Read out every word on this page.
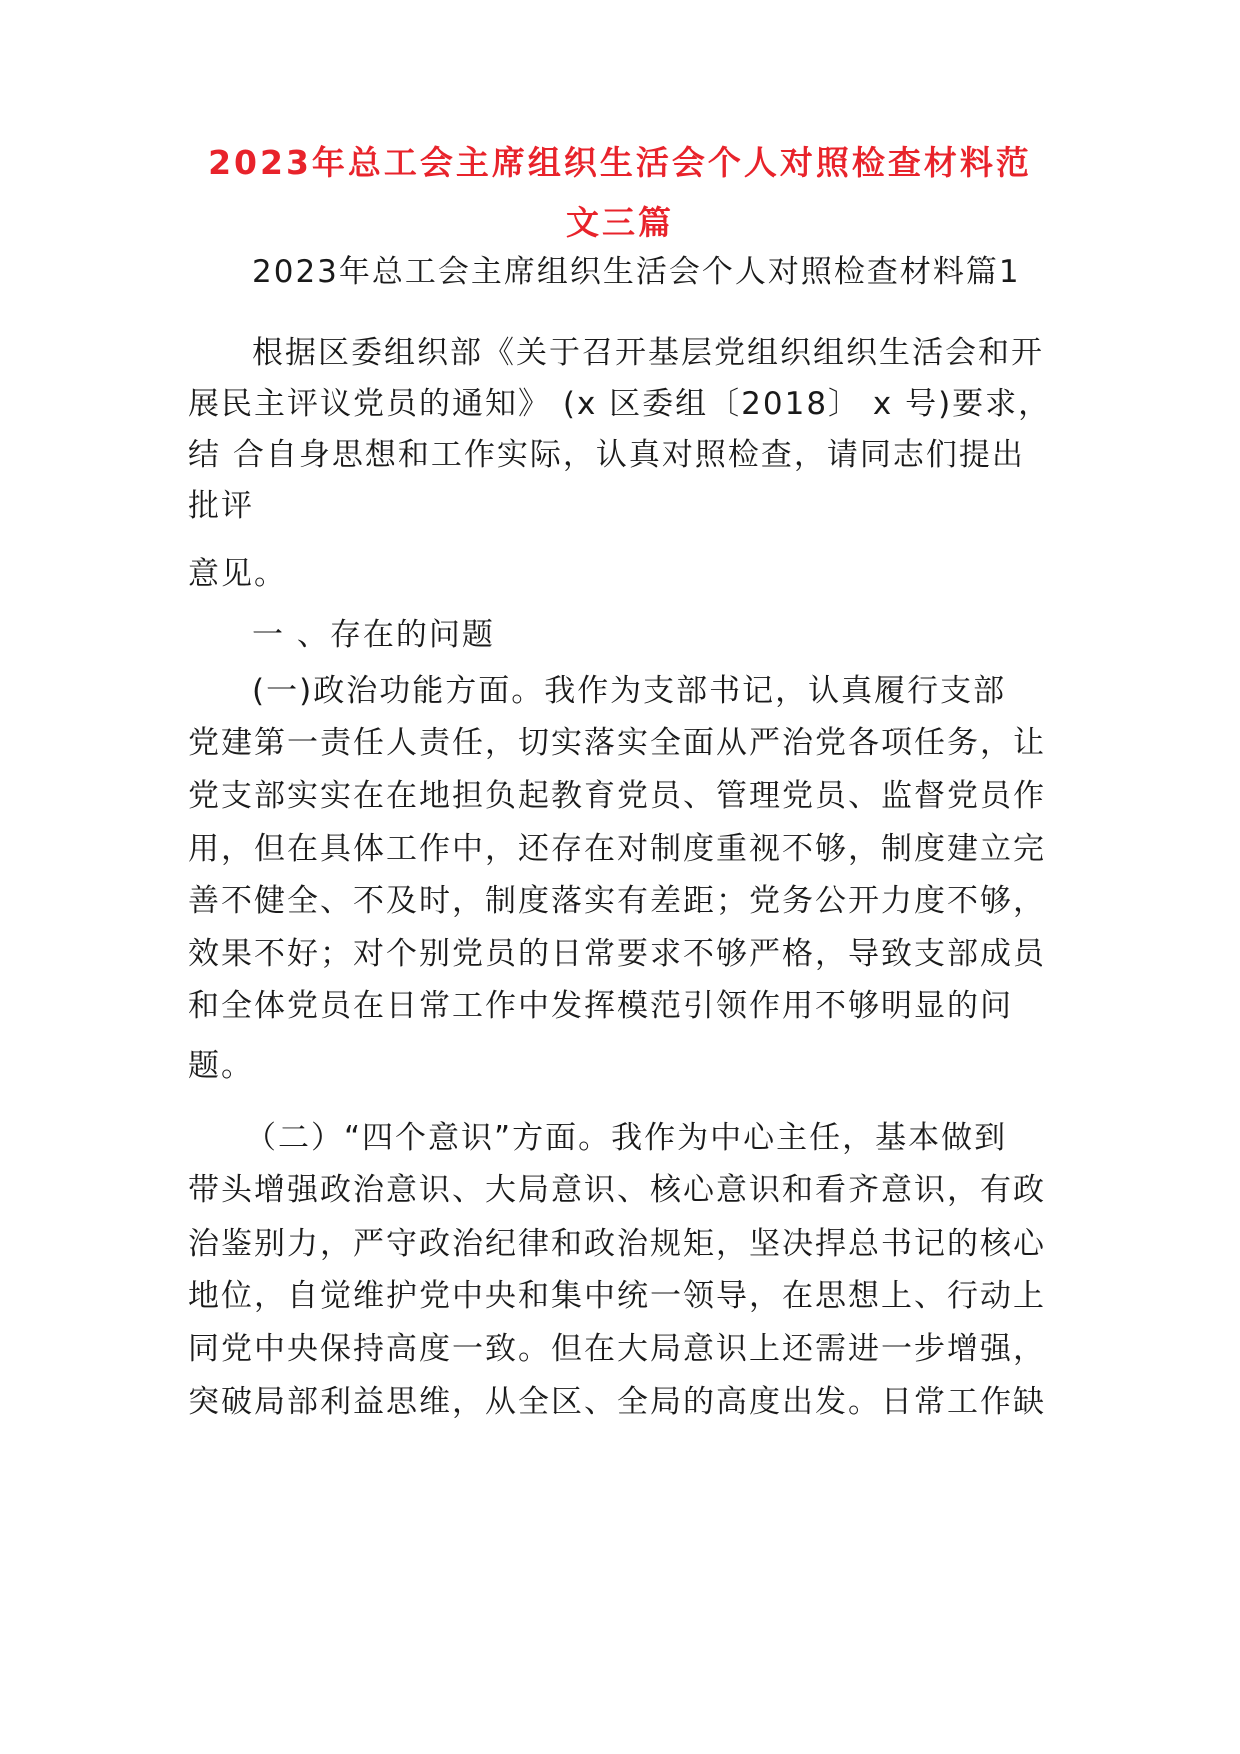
2023年总工会主席组织生活会个人对照检查材料范
文三篇
2023年总工会主席组织生活会个人对照检查材料篇1
根据区委组织部《关于召开基层党组织组织生活会和开
展民主评议党员的通知》 (x 区委组〔2018〕 x 号)要求，
结 合自身思想和工作实际，认真对照检查，请同志们提出
批评
意见。
一 、存在的问题
(一)政治功能方面。我作为支部书记，认真履行支部
党建第一责任人责任，切实落实全面从严治党各项任务，让
党支部实实在在地担负起教育党员、管理党员、监督党员作
用，但在具体工作中，还存在对制度重视不够，制度建立完
善不健全、不及时，制度落实有差距；党务公开力度不够，
效果不好；对个别党员的日常要求不够严格，导致支部成员
和全体党员在日常工作中发挥模范引领作用不够明显的问
题。
（二）“四个意识”方面。我作为中心主任，基本做到
带头增强政治意识、大局意识、核心意识和看齐意识，有政
治鉴别力，严守政治纪律和政治规矩，坚决捍总书记的核心
地位，自觉维护党中央和集中统一领导，在思想上、行动上
同党中央保持高度一致。但在大局意识上还需进一步增强，
突破局部利益思维，从全区、全局的高度出发。日常工作缺
